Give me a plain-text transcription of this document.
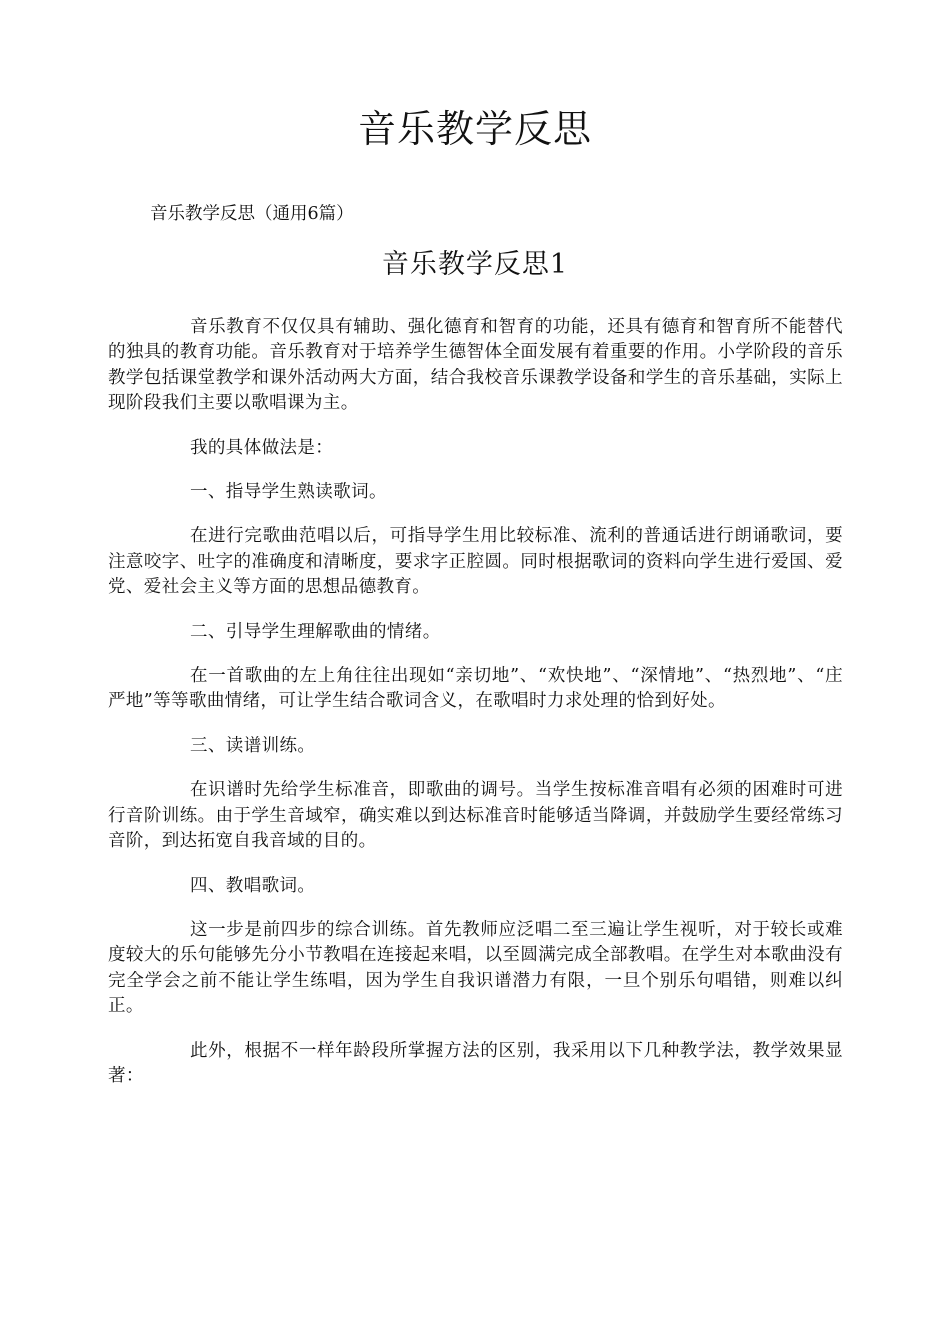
音乐教学反思

音乐教学反思（通用6篇）

音乐教学反思1

音乐教育不仅仅具有辅助、强化德育和智育的功能，还具有德育和智育所不能替代的独具的教育功能。音乐教育对于培养学生德智体全面发展有着重要的作用。小学阶段的音乐教学包括课堂教学和课外活动两大方面，结合我校音乐课教学设备和学生的音乐基础，实际上现阶段我们主要以歌唱课为主。

我的具体做法是：

一、指导学生熟读歌词。

在进行完歌曲范唱以后，可指导学生用比较标准、流利的普通话进行朗诵歌词，要注意咬字、吐字的准确度和清晰度，要求字正腔圆。同时根据歌词的资料向学生进行爱国、爱党、爱社会主义等方面的思想品德教育。

二、引导学生理解歌曲的情绪。

在一首歌曲的左上角往往出现如“亲切地”、“欢快地”、“深情地”、“热烈地”、“庄严地”等等歌曲情绪，可让学生结合歌词含义，在歌唱时力求处理的恰到好处。

三、读谱训练。

在识谱时先给学生标准音，即歌曲的调号。当学生按标准音唱有必须的困难时可进行音阶训练。由于学生音域窄，确实难以到达标准音时能够适当降调，并鼓励学生要经常练习音阶，到达拓宽自我音域的目的。

四、教唱歌词。

这一步是前四步的综合训练。首先教师应泛唱二至三遍让学生视听，对于较长或难度较大的乐句能够先分小节教唱在连接起来唱，以至圆满完成全部教唱。在学生对本歌曲没有完全学会之前不能让学生练唱，因为学生自我识谱潜力有限，一旦个别乐句唱错，则难以纠正。

此外，根据不一样年龄段所掌握方法的区别，我采用以下几种教学法，教学效果显著：
